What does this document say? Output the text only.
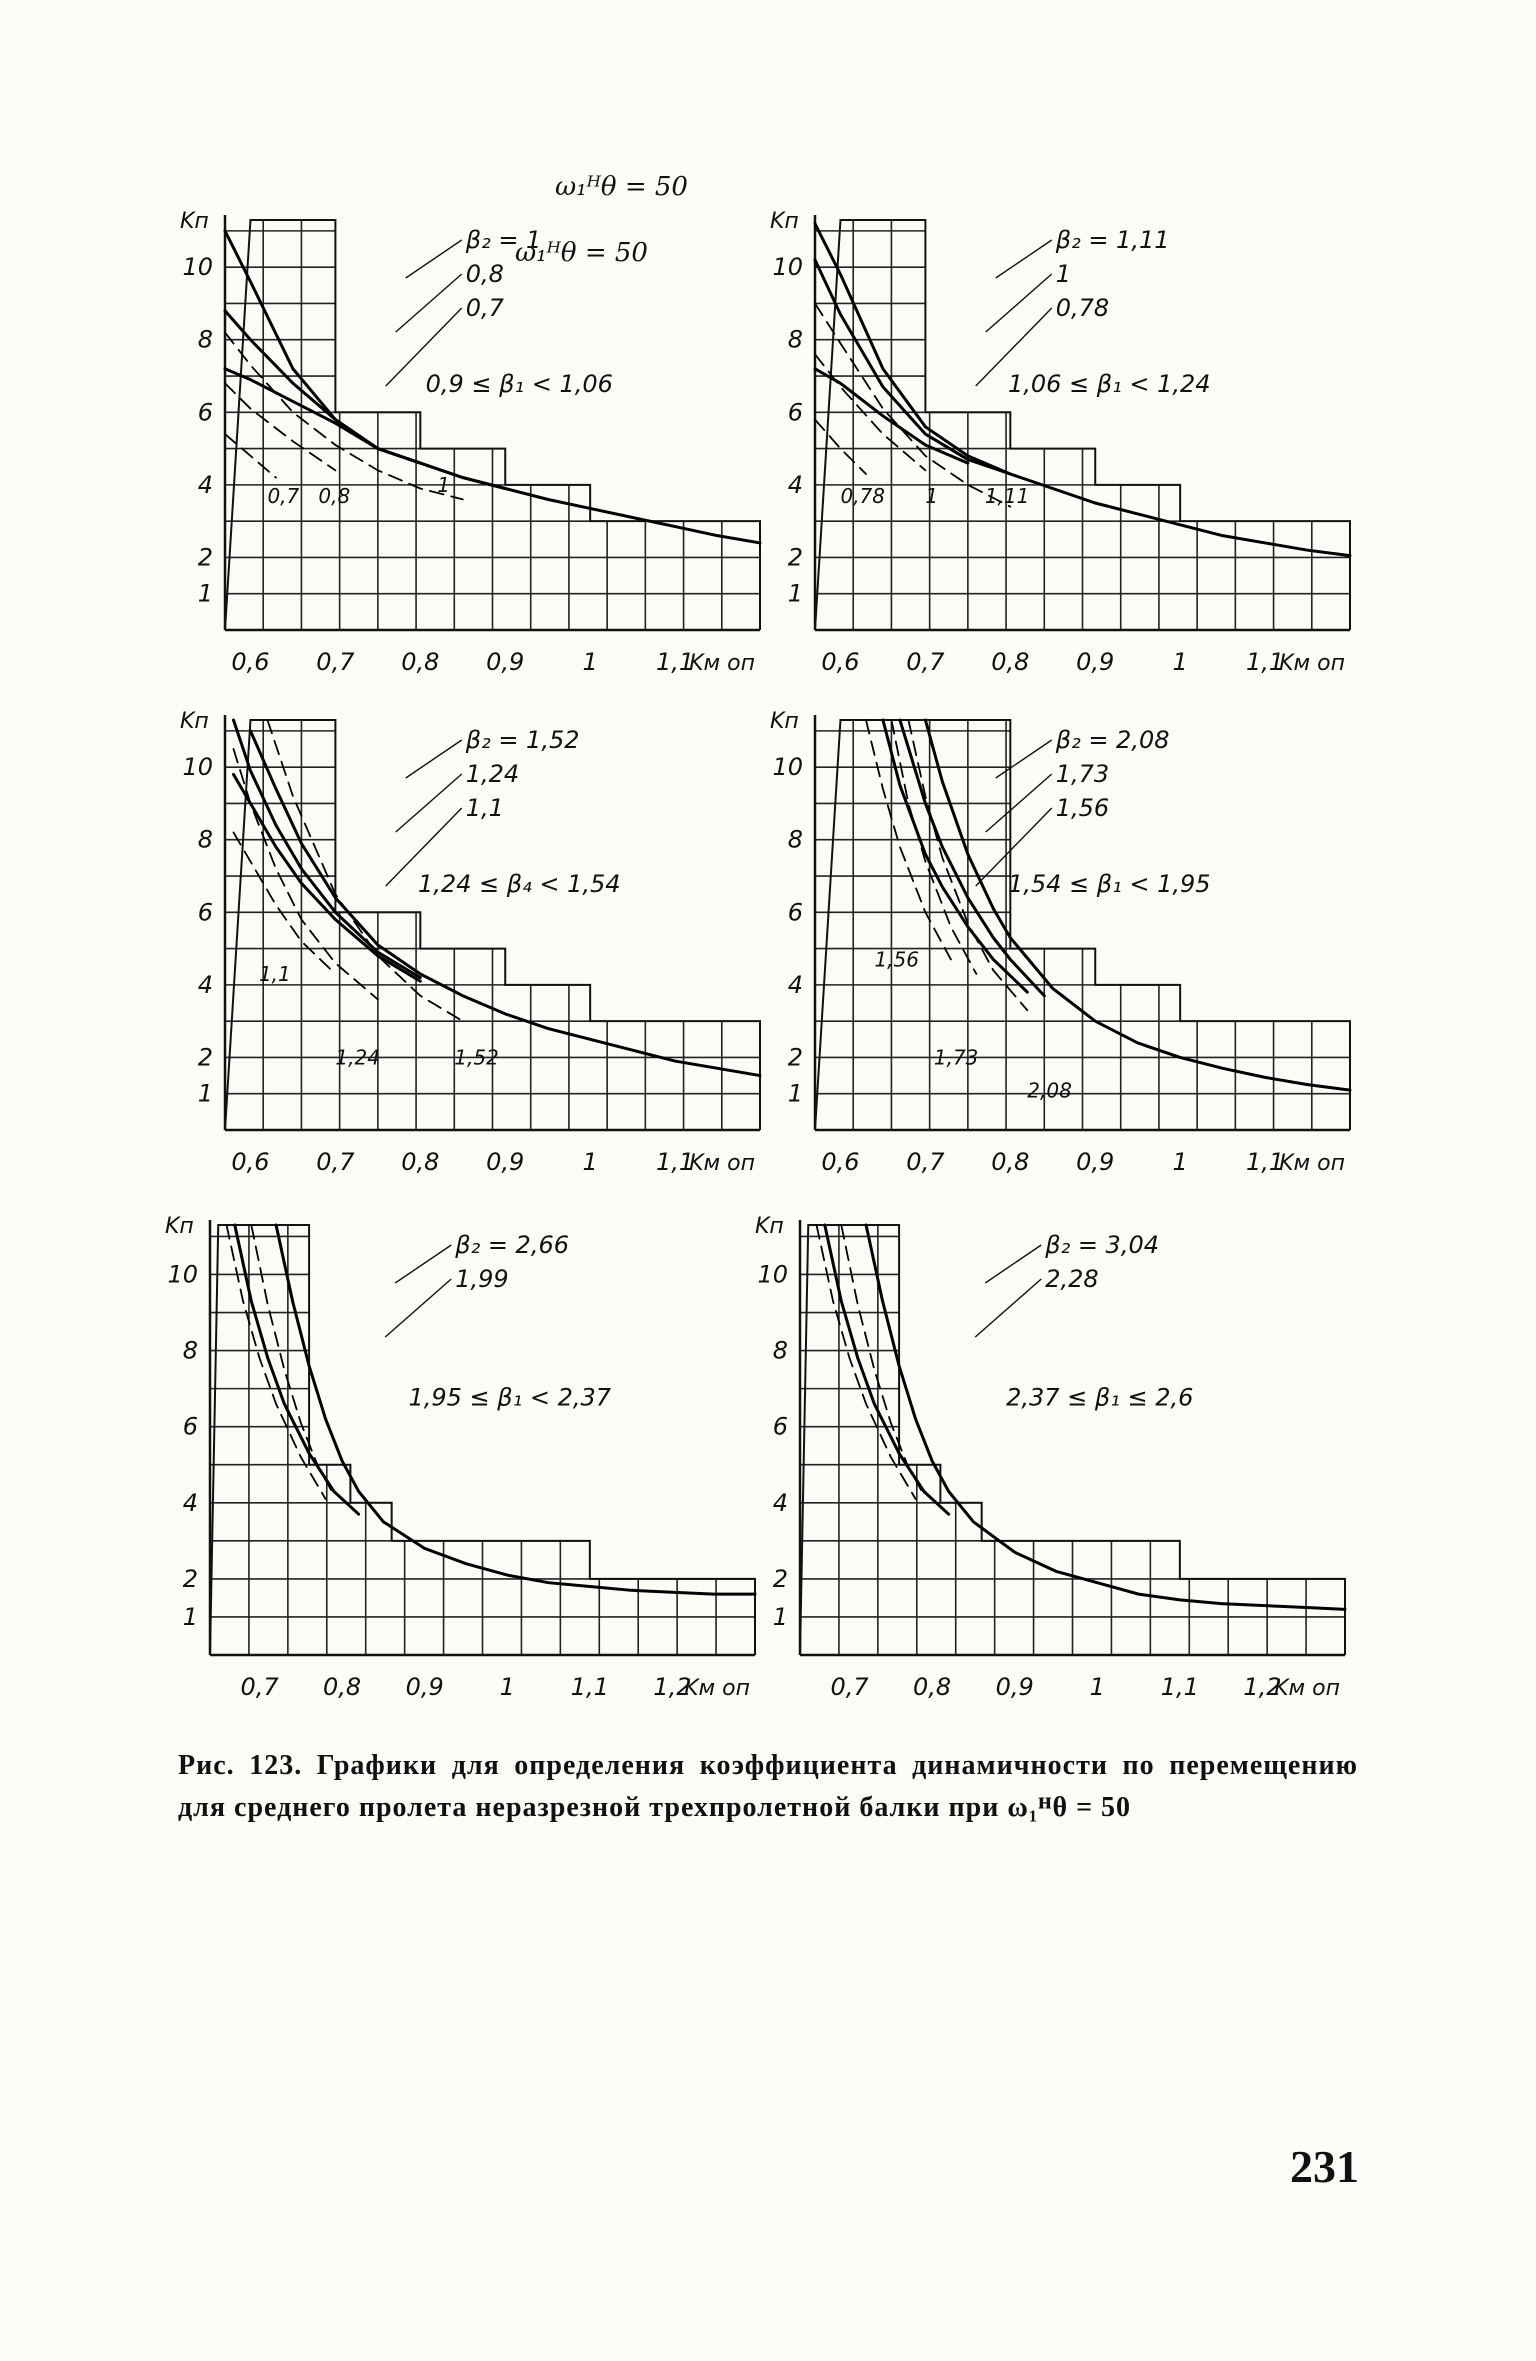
ω₁ᴴθ = 50
ω₁ᴴθ = 50
Kп
1
2
4
6
8
10
0,6 0,7 0,8 0,9 1 1,1
Kм оп
β₂ = 1
0,8
0,7
0,9 ≤ β₁ < 1,06
0,7 0,8	1
Kп
1
2
4
6
8
10
0,6 0,7 0,8 0,9 1 1,1
Kм оп
β₂ = 1,11
1
0,78
1,06 ≤ β₁ < 1,24
0,78 1 1,11
Kп
1
2
4
6
8
10
0,6 0,7 0,8 0,9 1 1,1
Kм оп
β₂ = 1,52
1,24
1,1
1,24 ≤ β₄ < 1,54
1,1
1,24	1,52
Kп
1
2
4
6
8
10
0,6 0,7 0,8 0,9 1 1,1
Kм оп
β₂ = 2,08
1,73
1,56
1,54 ≤ β₁ < 1,95
1,56
1,73
2,08
Kп
1
2
4
6
8
10
0,7 0,8 0,9 1 1,1 1,2
Kм оп
β₂ = 2,66
1,99
1,95 ≤ β₁ < 2,37
Kп
1
2
4
6
8
10
0,7 0,8 0,9 1 1,1 1,2
Kм оп
β₂ = 3,04
2,28
2,37 ≤ β₁ ≤ 2,6
Рис. 123. Графики для определения коэффициента динамичности по перемещению для среднего пролета неразрезной трехпролетной балки при ω₁ᴴθ = 50
231
